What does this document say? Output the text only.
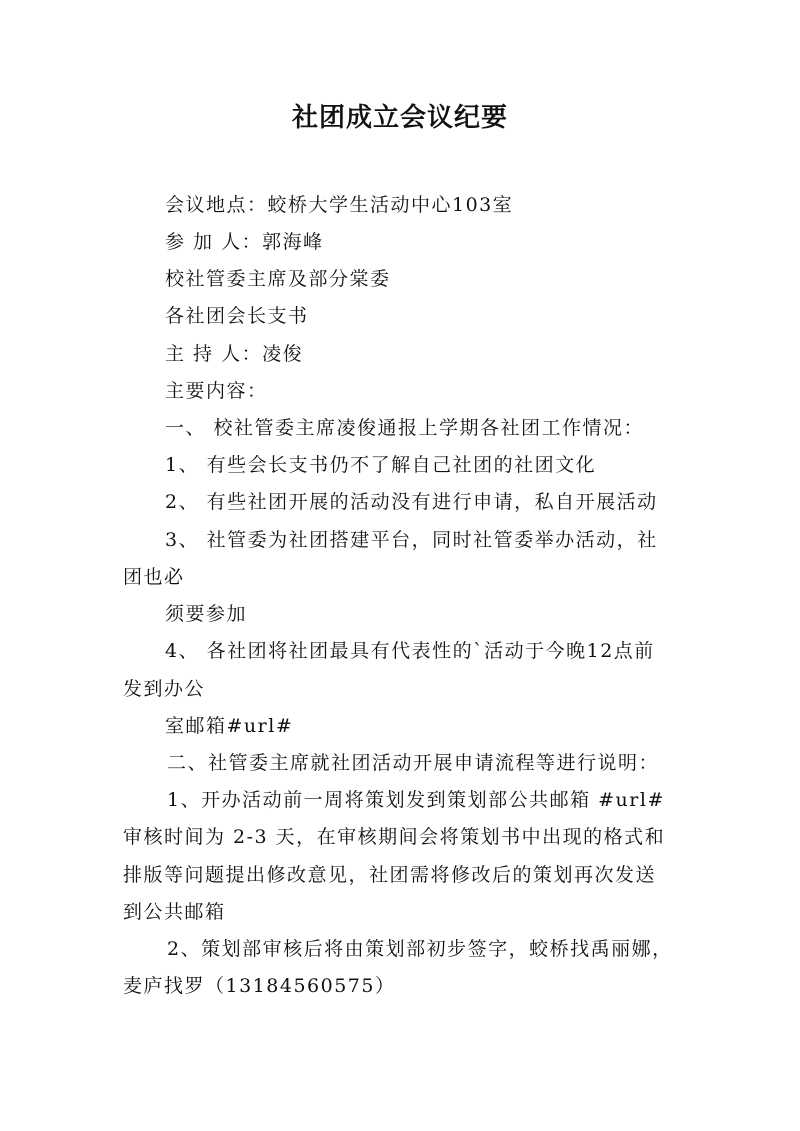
社团成立会议纪要
会议地点：蛟桥大学生活动中心103室
参 加 人：郭海峰
校社管委主席及部分棠委
各社团会长支书
主 持 人：凌俊
主要内容：
一、 校社管委主席凌俊通报上学期各社团工作情况：
1、 有些会长支书仍不了解自己社团的社团文化
2、 有些社团开展的活动没有进行申请，私自开展活动
3、 社管委为社团搭建平台，同时社管委举办活动，社
团也必
须要参加
4、 各社团将社团最具有代表性的`活动于今晚12点前
发到办公
室邮箱#url#
二、社管委主席就社团活动开展申请流程等进行说明：
1、开办活动前一周将策划发到策划部公共邮箱 #url#
审核时间为 2-3 天，在审核期间会将策划书中出现的格式和
排版等问题提出修改意见，社团需将修改后的策划再次发送
到公共邮箱
2、策划部审核后将由策划部初步签字，蛟桥找禹丽娜，
麦庐找罗（13184560575）
